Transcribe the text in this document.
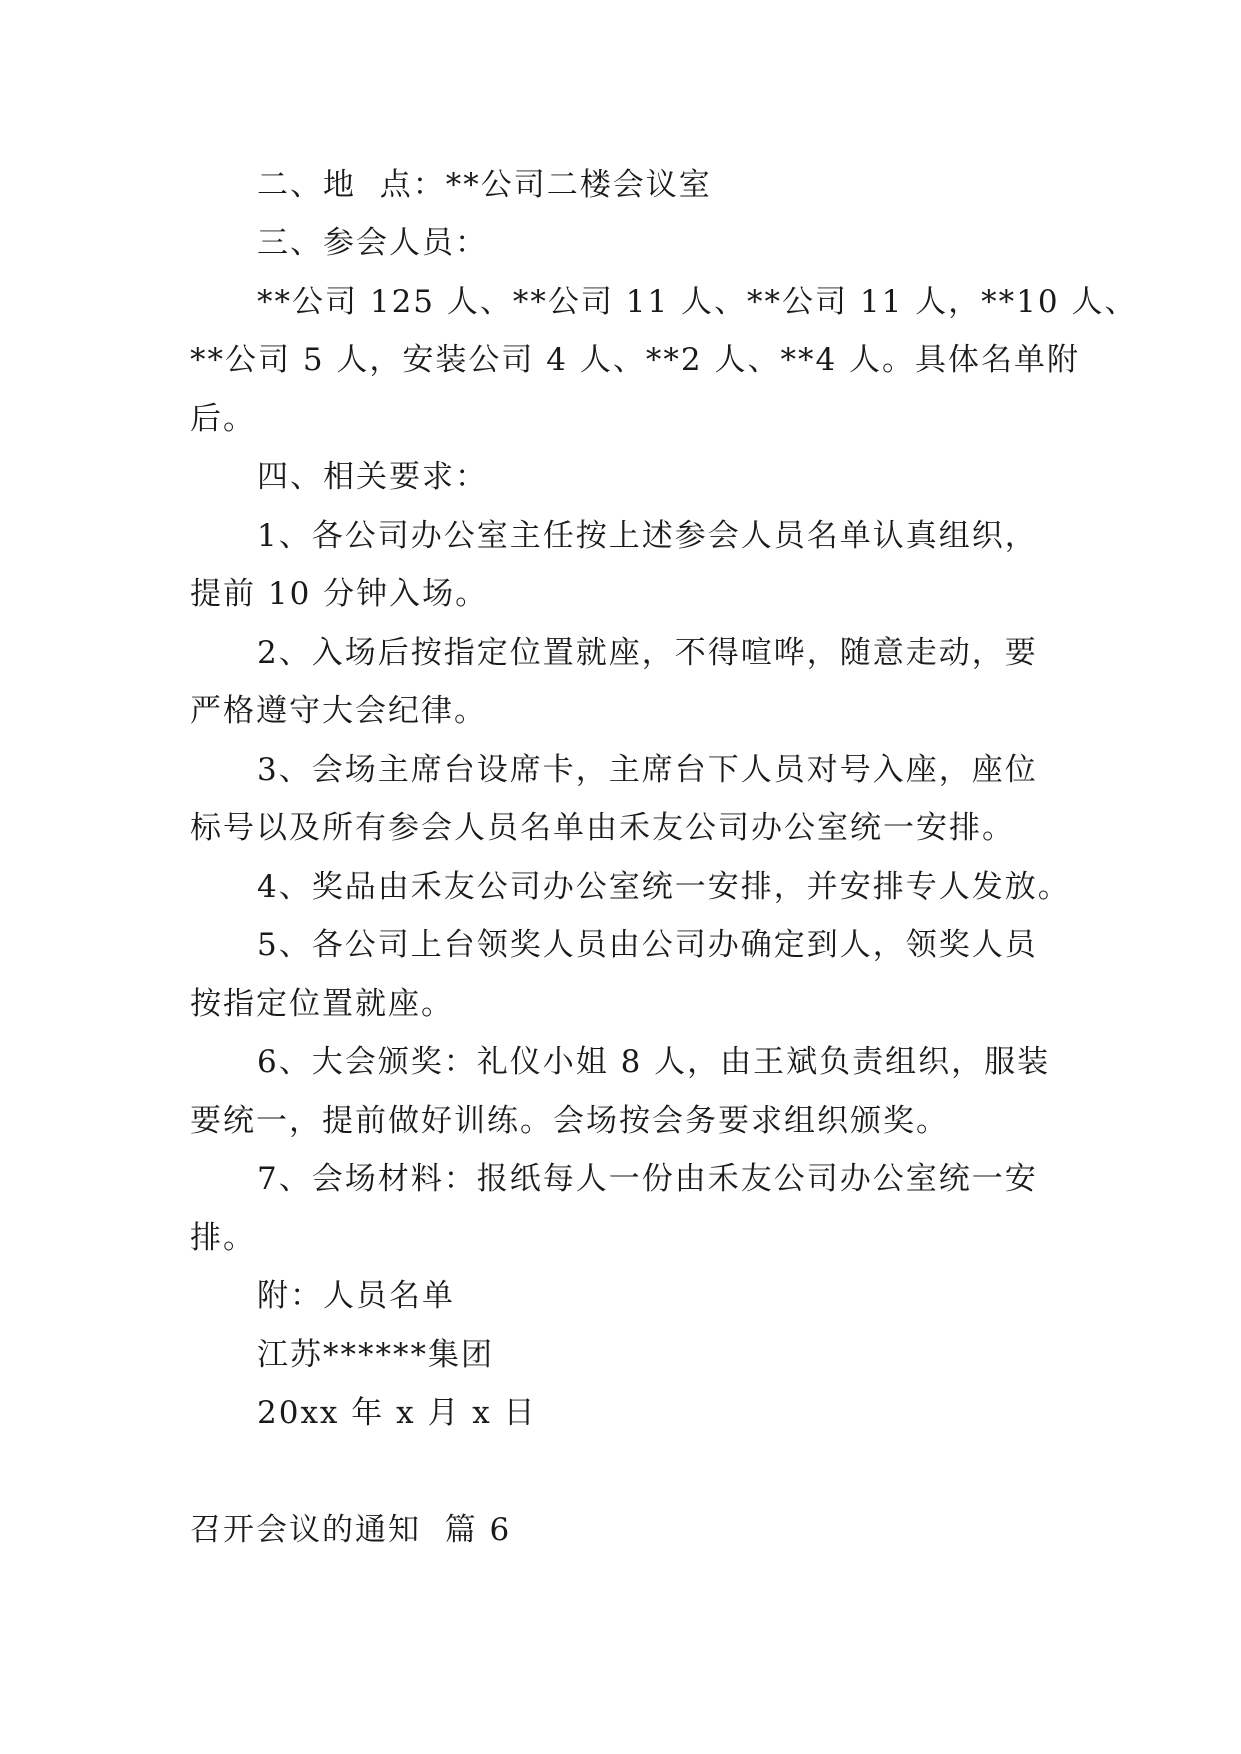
二、地  点：**公司二楼会议室
三、参会人员：
**公司 125 人、**公司 11 人、**公司 11 人，**10 人、
**公司 5 人，安装公司 4 人、**2 人、**4 人。具体名单附
后。
四、相关要求：
1、各公司办公室主任按上述参会人员名单认真组织，
提前 10 分钟入场。
2、入场后按指定位置就座，不得喧哗，随意走动，要
严格遵守大会纪律。
3、会场主席台设席卡，主席台下人员对号入座，座位
标号以及所有参会人员名单由禾友公司办公室统一安排。
4、奖品由禾友公司办公室统一安排，并安排专人发放。
5、各公司上台领奖人员由公司办确定到人，领奖人员
按指定位置就座。
6、大会颁奖：礼仪小姐 8 人，由王斌负责组织，服装
要统一，提前做好训练。会场按会务要求组织颁奖。
7、会场材料：报纸每人一份由禾友公司办公室统一安
排。
附：人员名单
江苏******集团
20xx 年 x 月 x 日
召开会议的通知  篇 6
